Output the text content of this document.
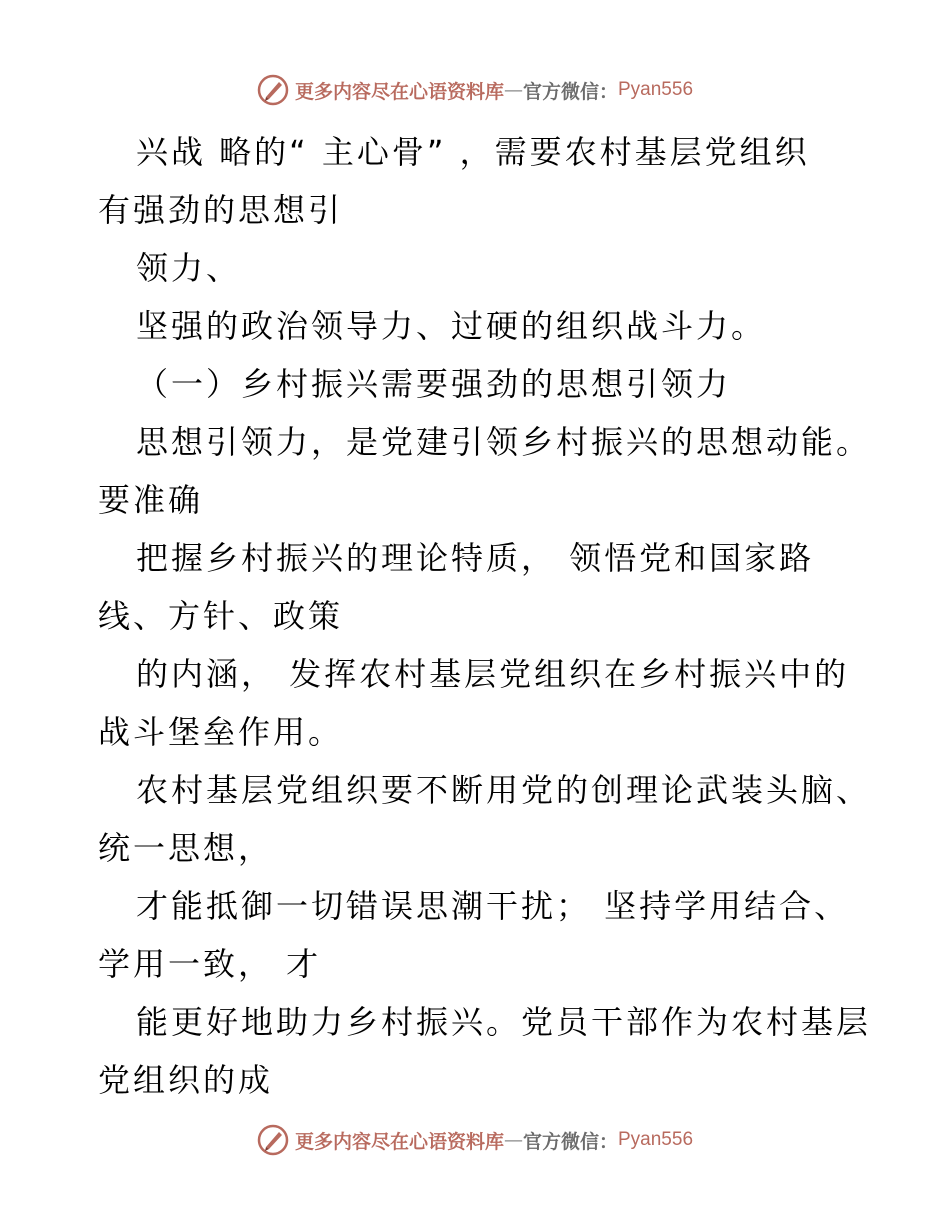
更多内容尽在心语资料库 — 官方微信： Pyan556
兴战 略的“ 主心骨” ，需要农村基层党组织
有强劲的思想引
领力、
坚强的政治领导力、过硬的组织战斗力。
（一）乡村振兴需要强劲的思想引领力
思想引领力，是党建引领乡村振兴的思想动能。
要准确
把握乡村振兴的理论特质， 领悟党和国家路
线、方针、政策
的内涵， 发挥农村基层党组织在乡村振兴中的
战斗堡垒作用。
农村基层党组织要不断用党的创理论武装头脑、
统一思想，
才能抵御一切错误思潮干扰； 坚持学用结合、
学用一致， 才
能更好地助力乡村振兴。党员干部作为农村基层
党组织的成
更多内容尽在心语资料库 — 官方微信： Pyan556
